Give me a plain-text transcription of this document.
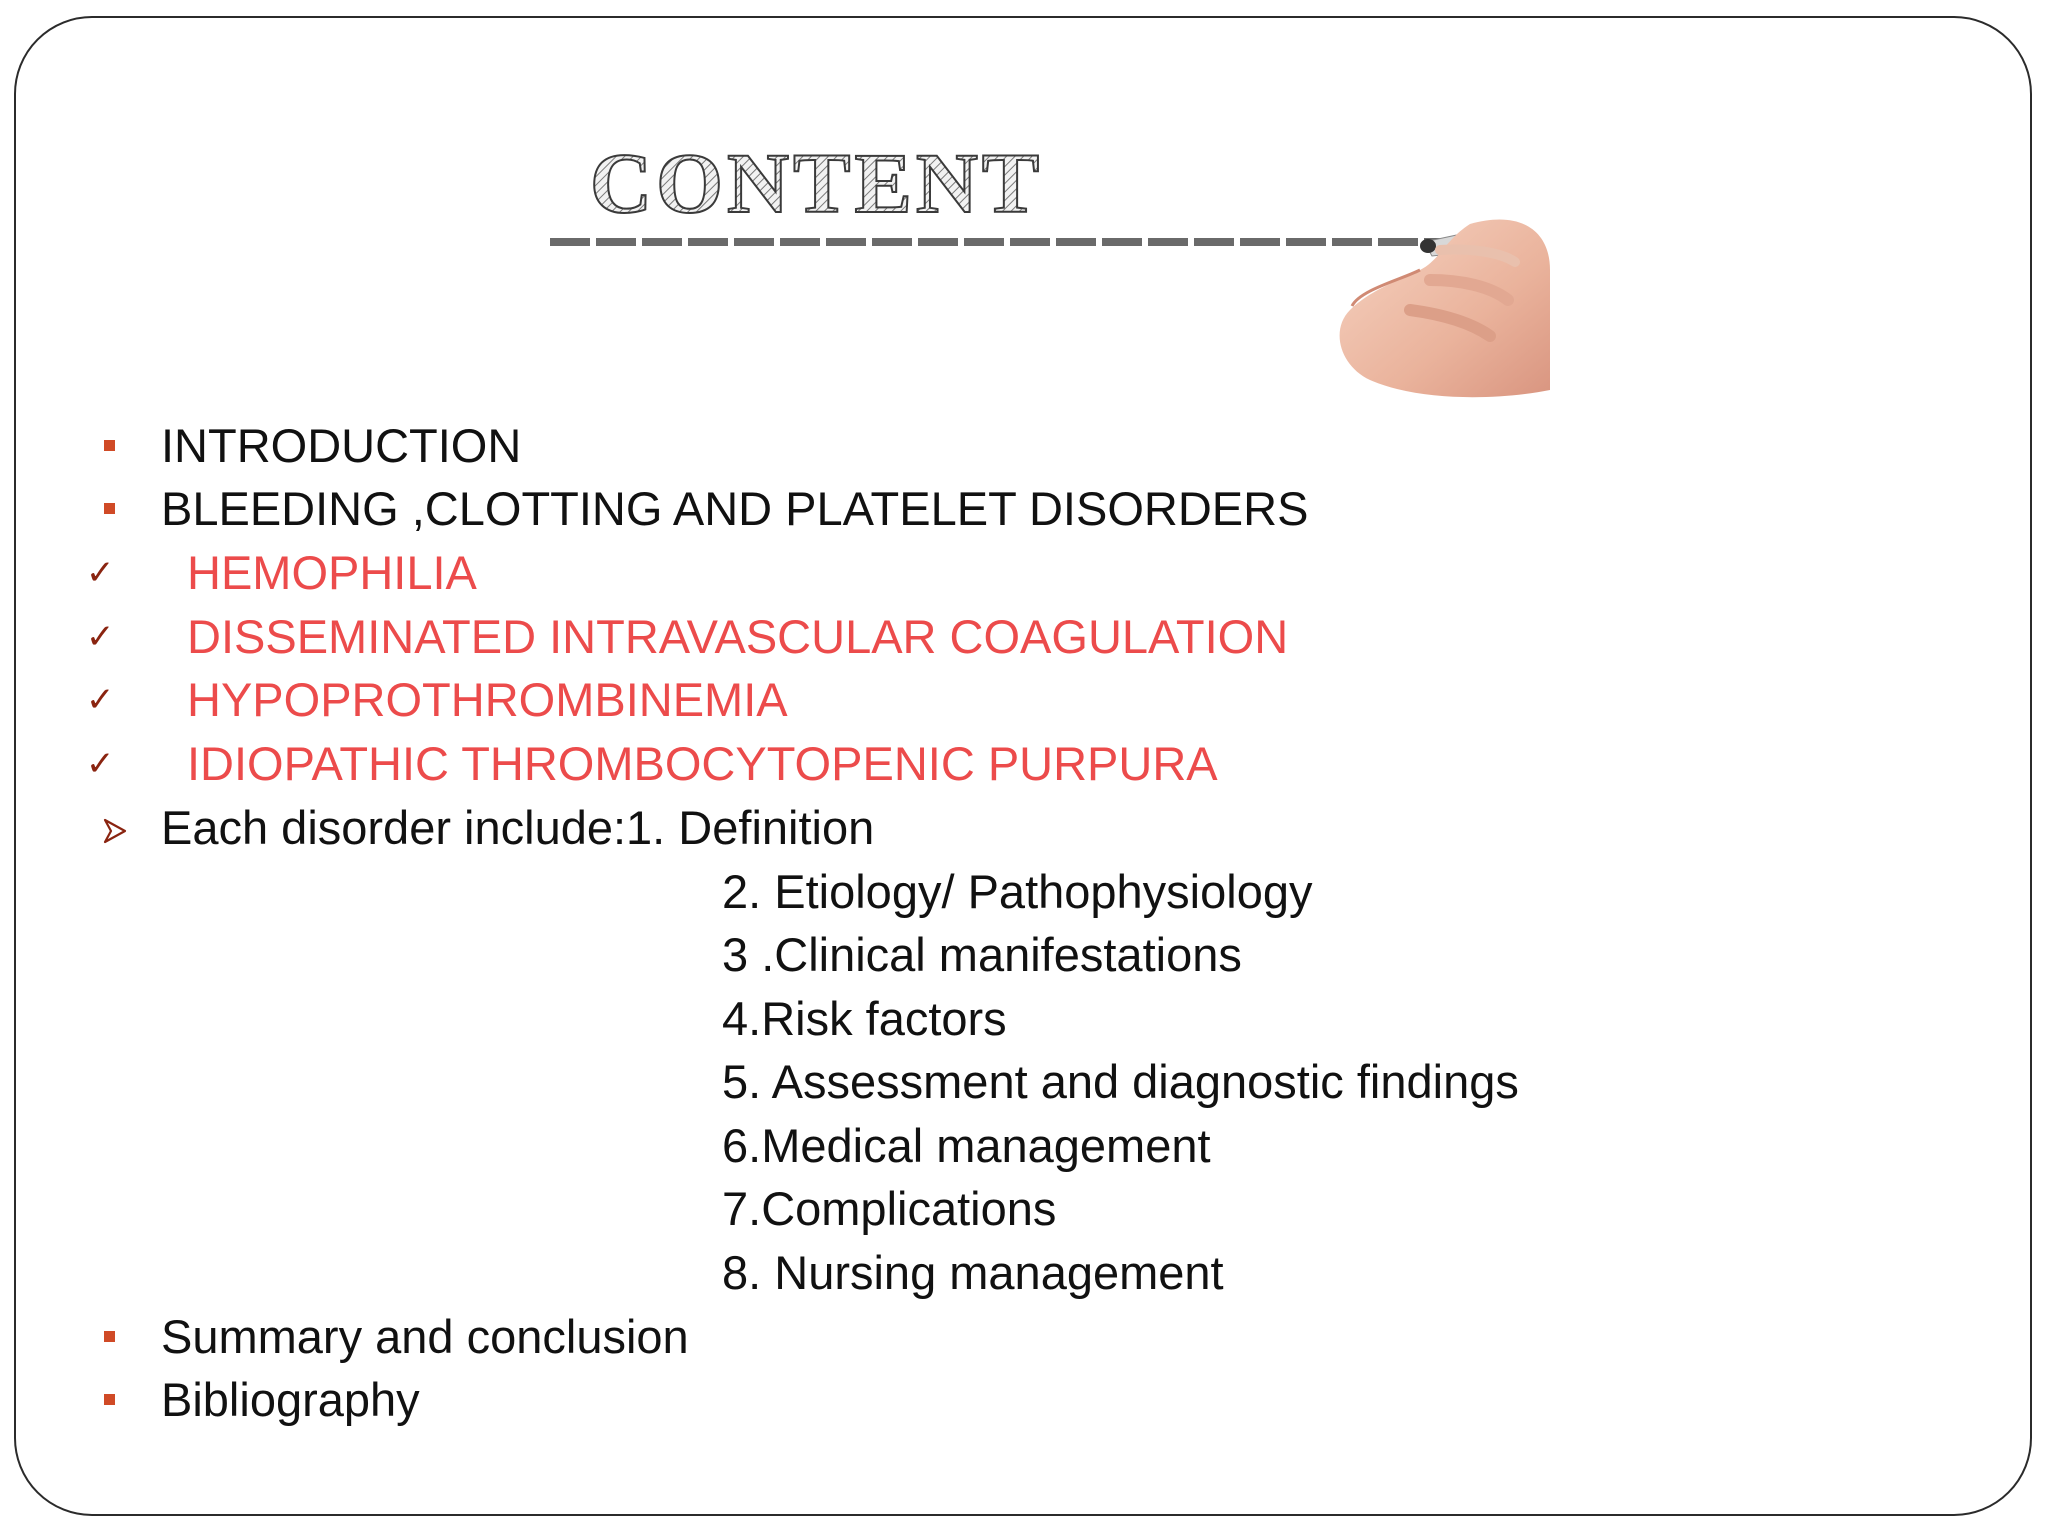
CONTENT
INTRODUCTION
BLEEDING ,CLOTTING AND PLATELET DISORDERS
✓ HEMOPHILIA
✓ DISSEMINATED INTRAVASCULAR COAGULATION
✓ HYPOPROTHROMBINEMIA
✓ IDIOPATHIC THROMBOCYTOPENIC PURPURA
Each disorder include:1. Definition
2. Etiology/ Pathophysiology
3 .Clinical manifestations
4.Risk factors
5. Assessment and diagnostic findings
6.Medical management
7.Complications
8. Nursing management
Summary and conclusion
Bibliography
